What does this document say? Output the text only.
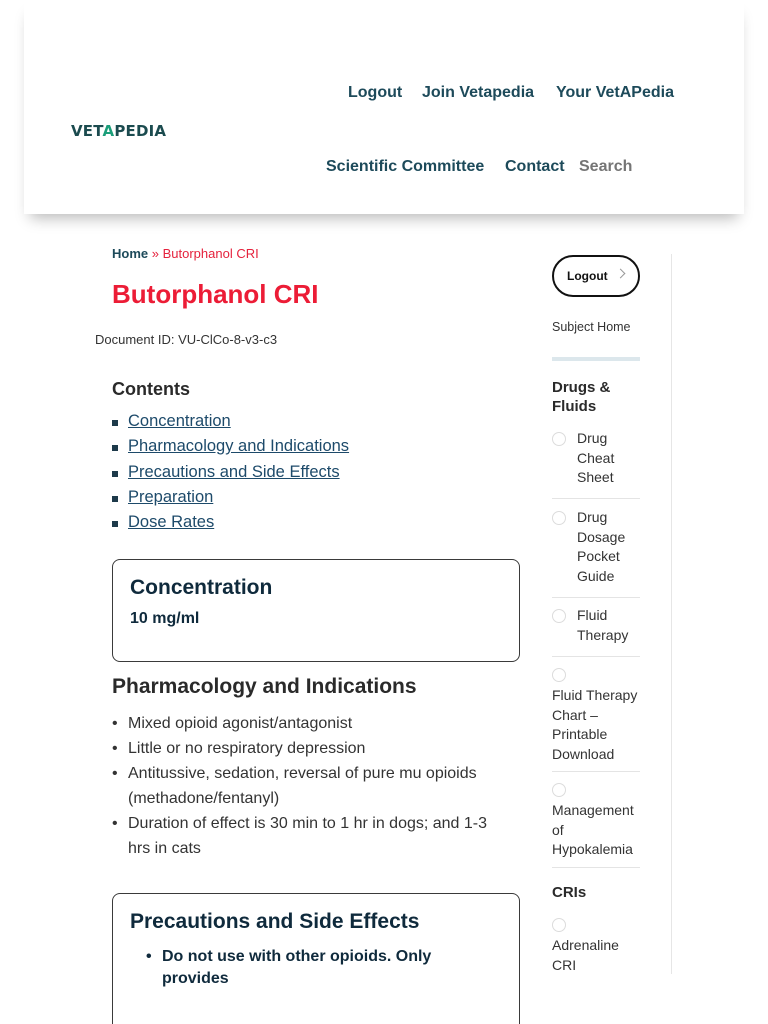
VETAPEDIA
Logout Join Vetapedia Your VetAPedia
Scientific Committee Contact
Search
Home » Butorphanol CRI
Butorphanol CRI
Document ID: VU-ClCo-8-v3-c3
Contents
Concentration
Pharmacology and Indications
Precautions and Side Effects
Preparation
Dose Rates
Concentration
10 mg/ml
Pharmacology and Indications
• Mixed opioid agonist/antagonist
• Little or no respiratory depression
• Antitussive, sedation, reversal of pure mu opioids (methadone/fentanyl)
• Duration of effect is 30 min to 1 hr in dogs; and 1-3 hrs in cats
Precautions and Side Effects
• Do not use with other opioids. Only provides
Logout
Subject Home
Drugs & Fluids
Drug Cheat Sheet
Drug Dosage Pocket Guide
Fluid Therapy
Fluid Therapy Chart – Printable Download
Management of Hypokalemia
CRIs
Adrenaline CRI
